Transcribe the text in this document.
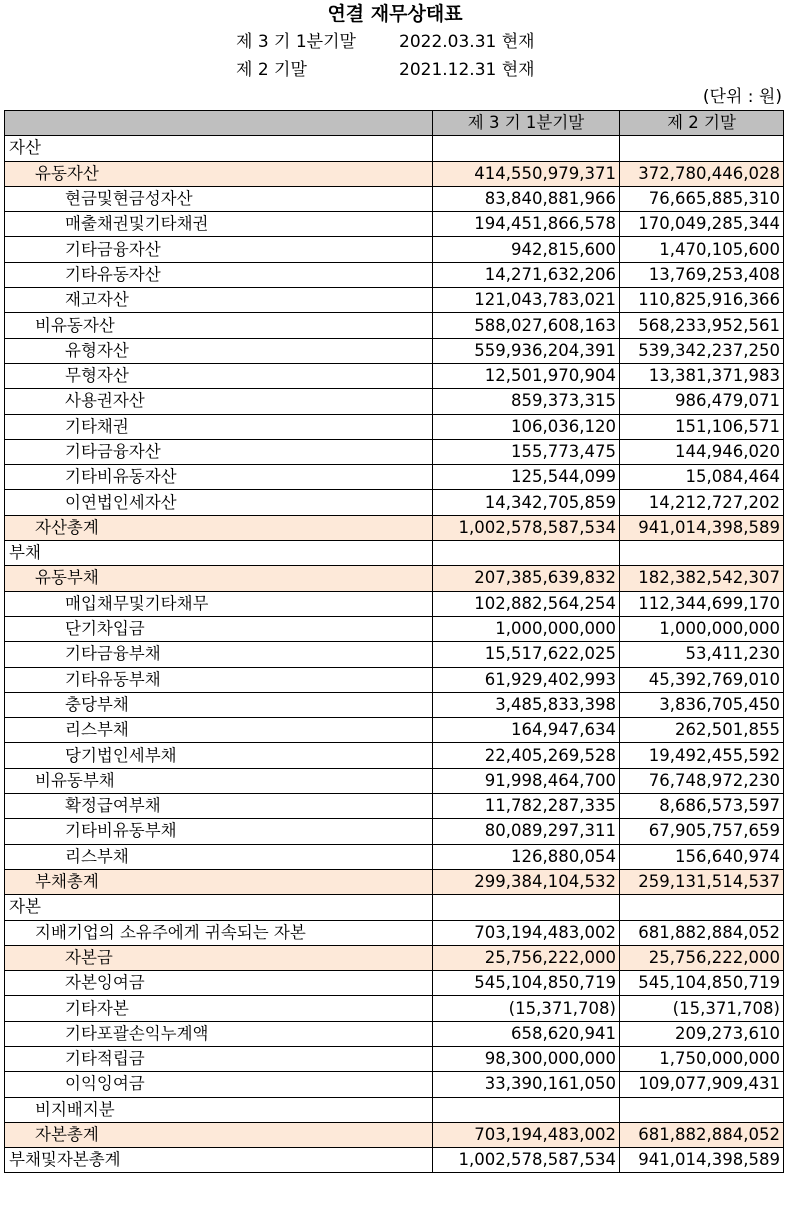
연결 재무상태표
제 3 기 1분기말	2022.03.31 현재
제 2 기말	2021.12.31 현재
(단위 : 원)
	제 3 기 1분기말	제 2 기말
자산		
유동자산	414,550,979,371	372,780,446,028
현금및현금성자산	83,840,881,966	76,665,885,310
매출채권및기타채권	194,451,866,578	170,049,285,344
기타금융자산	942,815,600	1,470,105,600
기타유동자산	14,271,632,206	13,769,253,408
재고자산	121,043,783,021	110,825,916,366
비유동자산	588,027,608,163	568,233,952,561
유형자산	559,936,204,391	539,342,237,250
무형자산	12,501,970,904	13,381,371,983
사용권자산	859,373,315	986,479,071
기타채권	106,036,120	151,106,571
기타금융자산	155,773,475	144,946,020
기타비유동자산	125,544,099	15,084,464
이연법인세자산	14,342,705,859	14,212,727,202
자산총계	1,002,578,587,534	941,014,398,589
부채		
유동부채	207,385,639,832	182,382,542,307
매입채무및기타채무	102,882,564,254	112,344,699,170
단기차입금	1,000,000,000	1,000,000,000
기타금융부채	15,517,622,025	53,411,230
기타유동부채	61,929,402,993	45,392,769,010
충당부채	3,485,833,398	3,836,705,450
리스부채	164,947,634	262,501,855
당기법인세부채	22,405,269,528	19,492,455,592
비유동부채	91,998,464,700	76,748,972,230
확정급여부채	11,782,287,335	8,686,573,597
기타비유동부채	80,089,297,311	67,905,757,659
리스부채	126,880,054	156,640,974
부채총계	299,384,104,532	259,131,514,537
자본		
지배기업의 소유주에게 귀속되는 자본	703,194,483,002	681,882,884,052
자본금	25,756,222,000	25,756,222,000
자본잉여금	545,104,850,719	545,104,850,719
기타자본	(15,371,708)	(15,371,708)
기타포괄손익누계액	658,620,941	209,273,610
기타적립금	98,300,000,000	1,750,000,000
이익잉여금	33,390,161,050	109,077,909,431
비지배지분		
자본총계	703,194,483,002	681,882,884,052
부채및자본총계	1,002,578,587,534	941,014,398,589
